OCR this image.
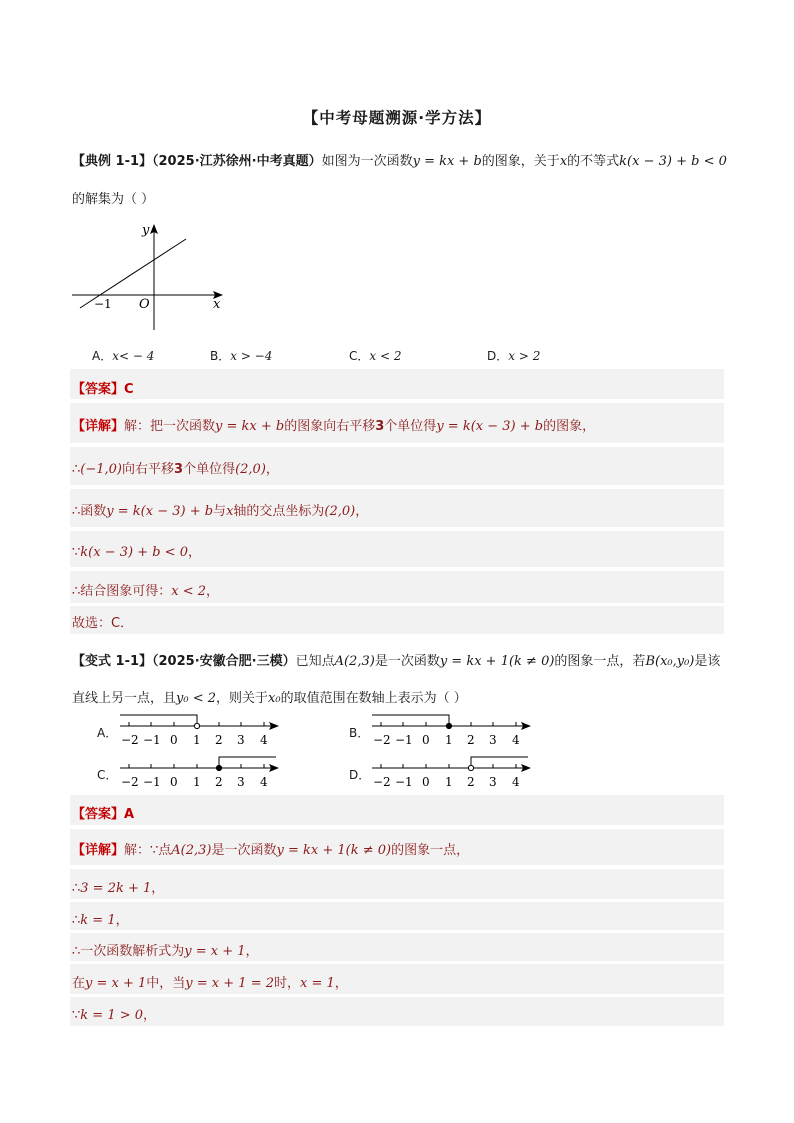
【中考母题溯源·学方法】
【典例 1-1】（2025·江苏徐州·中考真题）如图为一次函数y = kx + b的图象，关于x的不等式k(x − 3) + b < 0
的解集为（ ）
y
x
O
−1
A．x< − 4	B．x > −4	C．x < 2	D．x > 2
【答案】C
【详解】解：把一次函数y = kx + b的图象向右平移3个单位得y = k(x − 3) + b的图象，
∴(−1,0)向右平移3个单位得(2,0)，
∴函数y = k(x − 3) + b与x轴的交点坐标为(2,0)，
∵k(x − 3) + b < 0，
∴结合图象可得：x < 2，
故选：C．
【变式 1-1】（2025·安徽合肥·三模）已知点A(2,3)是一次函数y = kx + 1(k ≠ 0)的图象一点，若B(x₀,y₀)是该
直线上另一点，且y₀ < 2，则关于x₀的取值范围在数轴上表示为（ ）
A． −2 −1 0 1 2 3 4	B． −2 −1 0 1 2 3 4
C． −2 −1 0 1 2 3 4	D． −2 −1 0 1 2 3 4
【答案】A
【详解】解：∵点A(2,3)是一次函数y = kx + 1(k ≠ 0)的图象一点，
∴3 = 2k + 1，
∴k = 1，
∴一次函数解析式为y = x + 1，
在y = x + 1中，当y = x + 1 = 2时，x = 1，
∵k = 1 > 0，
